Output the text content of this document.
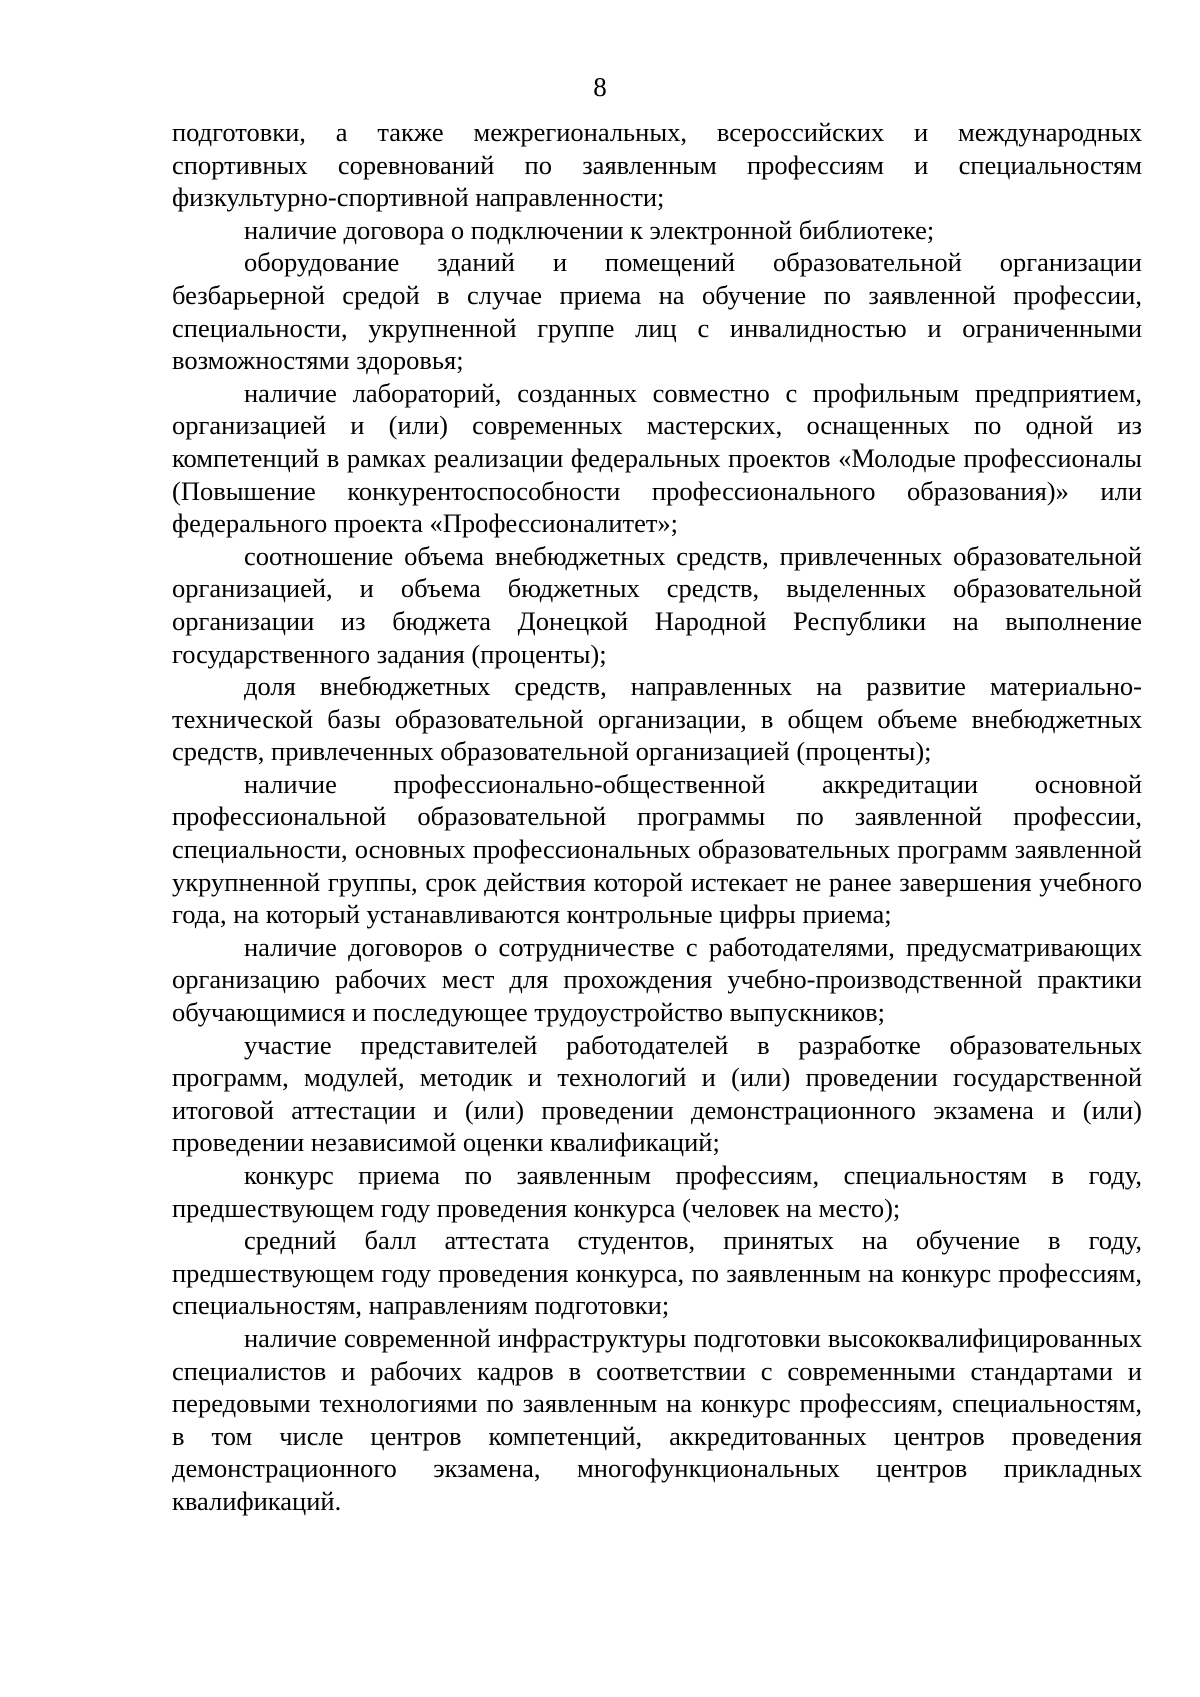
8

подготовки, а также межрегиональных, всероссийских и международных спортивных соревнований по заявленным профессиям и специальностям физкультурно-спортивной направленности;

наличие договора о подключении к электронной библиотеке;

оборудование зданий и помещений образовательной организации безбарьерной средой в случае приема на обучение по заявленной профессии, специальности, укрупненной группе лиц с инвалидностью и ограниченными возможностями здоровья;

наличие лабораторий, созданных совместно с профильным предприятием, организацией и (или) современных мастерских, оснащенных по одной из компетенций в рамках реализации федеральных проектов «Молодые профессионалы (Повышение конкурентоспособности профессионального образования)» или федерального проекта «Профессионалитет»;

соотношение объема внебюджетных средств, привлеченных образовательной организацией, и объема бюджетных средств, выделенных образовательной организации из бюджета Донецкой Народной Республики на выполнение государственного задания (проценты);

доля внебюджетных средств, направленных на развитие материально-технической базы образовательной организации, в общем объеме внебюджетных средств, привлеченных образовательной организацией (проценты);

наличие профессионально-общественной аккредитации основной профессиональной образовательной программы по заявленной профессии, специальности, основных профессиональных образовательных программ заявленной укрупненной группы, срок действия которой истекает не ранее завершения учебного года, на который устанавливаются контрольные цифры приема;

наличие договоров о сотрудничестве с работодателями, предусматривающих организацию рабочих мест для прохождения учебно-производственной практики обучающимися и последующее трудоустройство выпускников;

участие представителей работодателей в разработке образовательных программ, модулей, методик и технологий и (или) проведении государственной итоговой аттестации и (или) проведении демонстрационного экзамена и (или) проведении независимой оценки квалификаций;

конкурс приема по заявленным профессиям, специальностям в году, предшествующем году проведения конкурса (человек на место);

средний балл аттестата студентов, принятых на обучение в году, предшествующем году проведения конкурса, по заявленным на конкурс профессиям, специальностям, направлениям подготовки;

наличие современной инфраструктуры подготовки высококвалифицированных специалистов и рабочих кадров в соответствии с современными стандартами и передовыми технологиями по заявленным на конкурс профессиям, специальностям, в том числе центров компетенций, аккредитованных центров проведения демонстрационного экзамена, многофункциональных центров прикладных квалификаций.
